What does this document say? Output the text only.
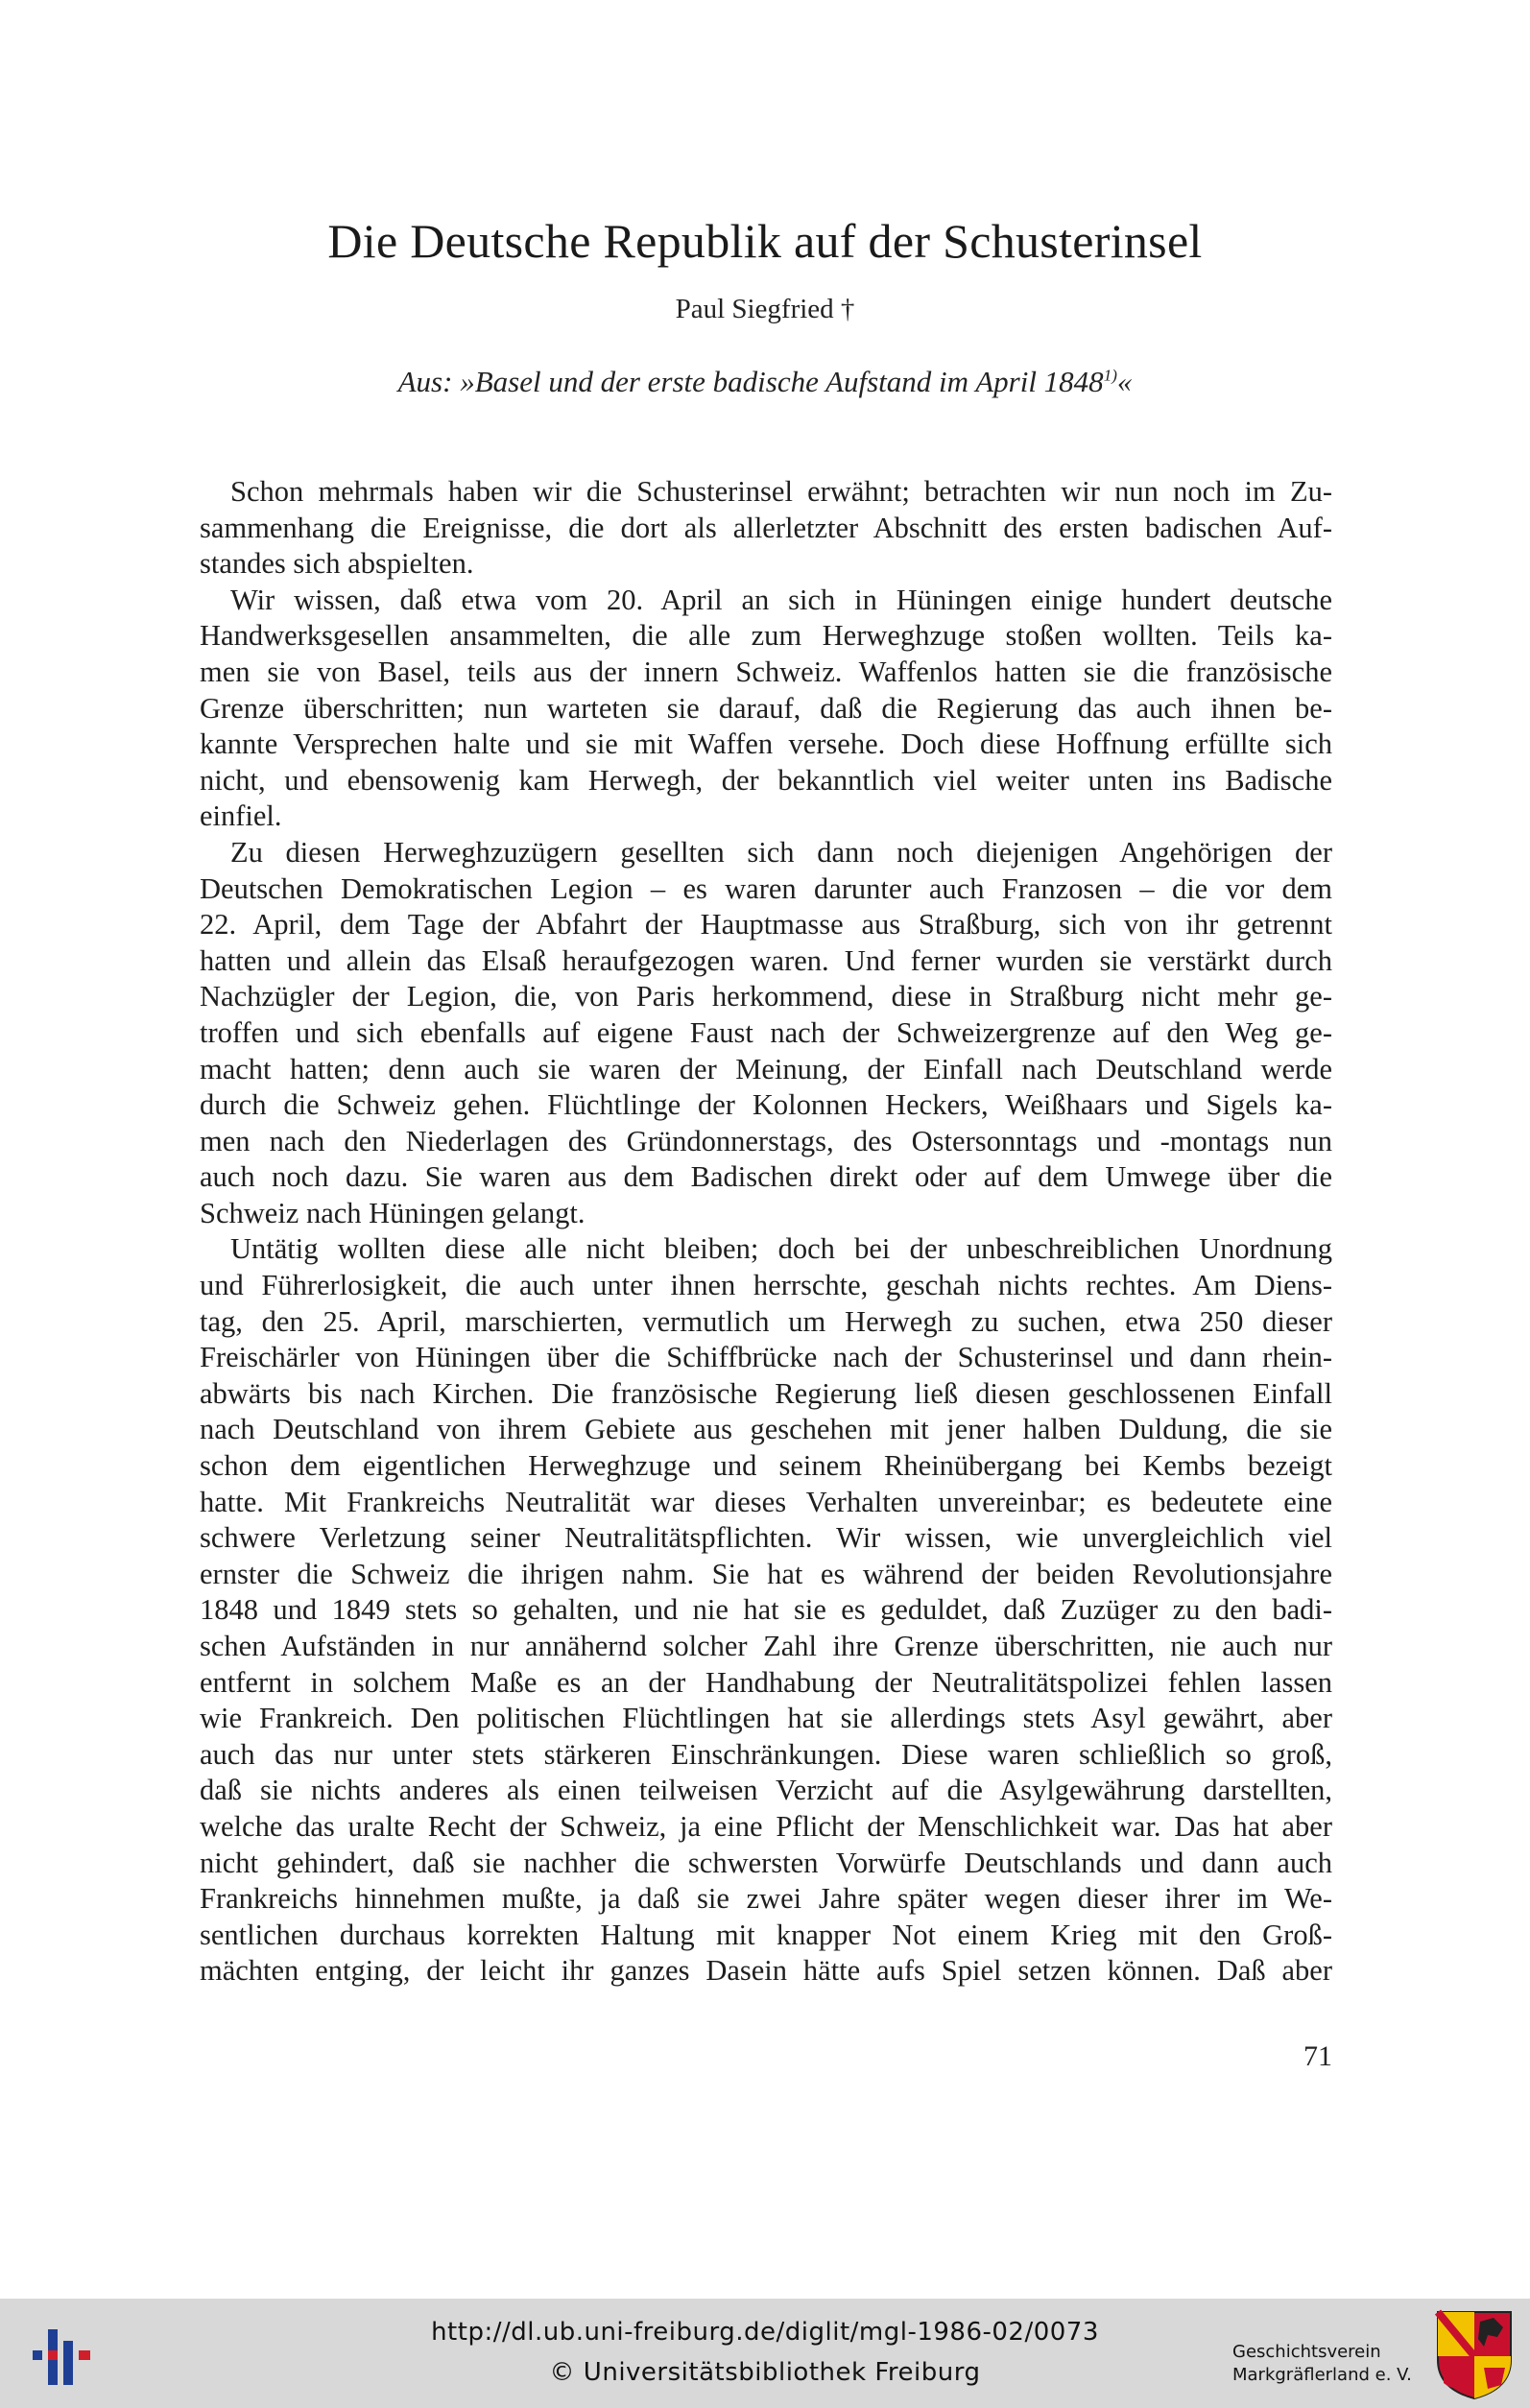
Die Deutsche Republik auf der Schusterinsel
Paul Siegfried †
Aus: »Basel und der erste badische Aufstand im April 1848$^{1)}$«
Schon mehrmals haben wir die Schusterinsel erwähnt; betrachten wir nun noch im Zu-
sammenhang die Ereignisse, die dort als allerletzter Abschnitt des ersten badischen Auf-
standes sich abspielten.
Wir wissen, daß etwa vom 20. April an sich in Hüningen einige hundert deutsche
Handwerksgesellen ansammelten, die alle zum Herweghzuge stoßen wollten. Teils ka-
men sie von Basel, teils aus der innern Schweiz. Waffenlos hatten sie die französische
Grenze überschritten; nun warteten sie darauf, daß die Regierung das auch ihnen be-
kannte Versprechen halte und sie mit Waffen versehe. Doch diese Hoffnung erfüllte sich
nicht, und ebensowenig kam Herwegh, der bekanntlich viel weiter unten ins Badische
einfiel.
Zu diesen Herweghzuzügern gesellten sich dann noch diejenigen Angehörigen der
Deutschen Demokratischen Legion – es waren darunter auch Franzosen – die vor dem
22. April, dem Tage der Abfahrt der Hauptmasse aus Straßburg, sich von ihr getrennt
hatten und allein das Elsaß heraufgezogen waren. Und ferner wurden sie verstärkt durch
Nachzügler der Legion, die, von Paris herkommend, diese in Straßburg nicht mehr ge-
troffen und sich ebenfalls auf eigene Faust nach der Schweizergrenze auf den Weg ge-
macht hatten; denn auch sie waren der Meinung, der Einfall nach Deutschland werde
durch die Schweiz gehen. Flüchtlinge der Kolonnen Heckers, Weißhaars und Sigels ka-
men nach den Niederlagen des Gründonnerstags, des Ostersonntags und -montags nun
auch noch dazu. Sie waren aus dem Badischen direkt oder auf dem Umwege über die
Schweiz nach Hüningen gelangt.
Untätig wollten diese alle nicht bleiben; doch bei der unbeschreiblichen Unordnung
und Führerlosigkeit, die auch unter ihnen herrschte, geschah nichts rechtes. Am Diens-
tag, den 25. April, marschierten, vermutlich um Herwegh zu suchen, etwa 250 dieser
Freischärler von Hüningen über die Schiffbrücke nach der Schusterinsel und dann rhein-
abwärts bis nach Kirchen. Die französische Regierung ließ diesen geschlossenen Einfall
nach Deutschland von ihrem Gebiete aus geschehen mit jener halben Duldung, die sie
schon dem eigentlichen Herweghzuge und seinem Rheinübergang bei Kembs bezeigt
hatte. Mit Frankreichs Neutralität war dieses Verhalten unvereinbar; es bedeutete eine
schwere Verletzung seiner Neutralitätspflichten. Wir wissen, wie unvergleichlich viel
ernster die Schweiz die ihrigen nahm. Sie hat es während der beiden Revolutionsjahre
1848 und 1849 stets so gehalten, und nie hat sie es geduldet, daß Zuzüger zu den badi-
schen Aufständen in nur annähernd solcher Zahl ihre Grenze überschritten, nie auch nur
entfernt in solchem Maße es an der Handhabung der Neutralitätspolizei fehlen lassen
wie Frankreich. Den politischen Flüchtlingen hat sie allerdings stets Asyl gewährt, aber
auch das nur unter stets stärkeren Einschränkungen. Diese waren schließlich so groß,
daß sie nichts anderes als einen teilweisen Verzicht auf die Asylgewährung darstellten,
welche das uralte Recht der Schweiz, ja eine Pflicht der Menschlichkeit war. Das hat aber
nicht gehindert, daß sie nachher die schwersten Vorwürfe Deutschlands und dann auch
Frankreichs hinnehmen mußte, ja daß sie zwei Jahre später wegen dieser ihrer im We-
sentlichen durchaus korrekten Haltung mit knapper Not einem Krieg mit den Groß-
mächten entging, der leicht ihr ganzes Dasein hätte aufs Spiel setzen können. Daß aber
71
http://dl.ub.uni-freiburg.de/diglit/mgl-1986-02/0073
© Universitätsbibliothek Freiburg
Geschichtsverein
Markgräflerland e. V.
